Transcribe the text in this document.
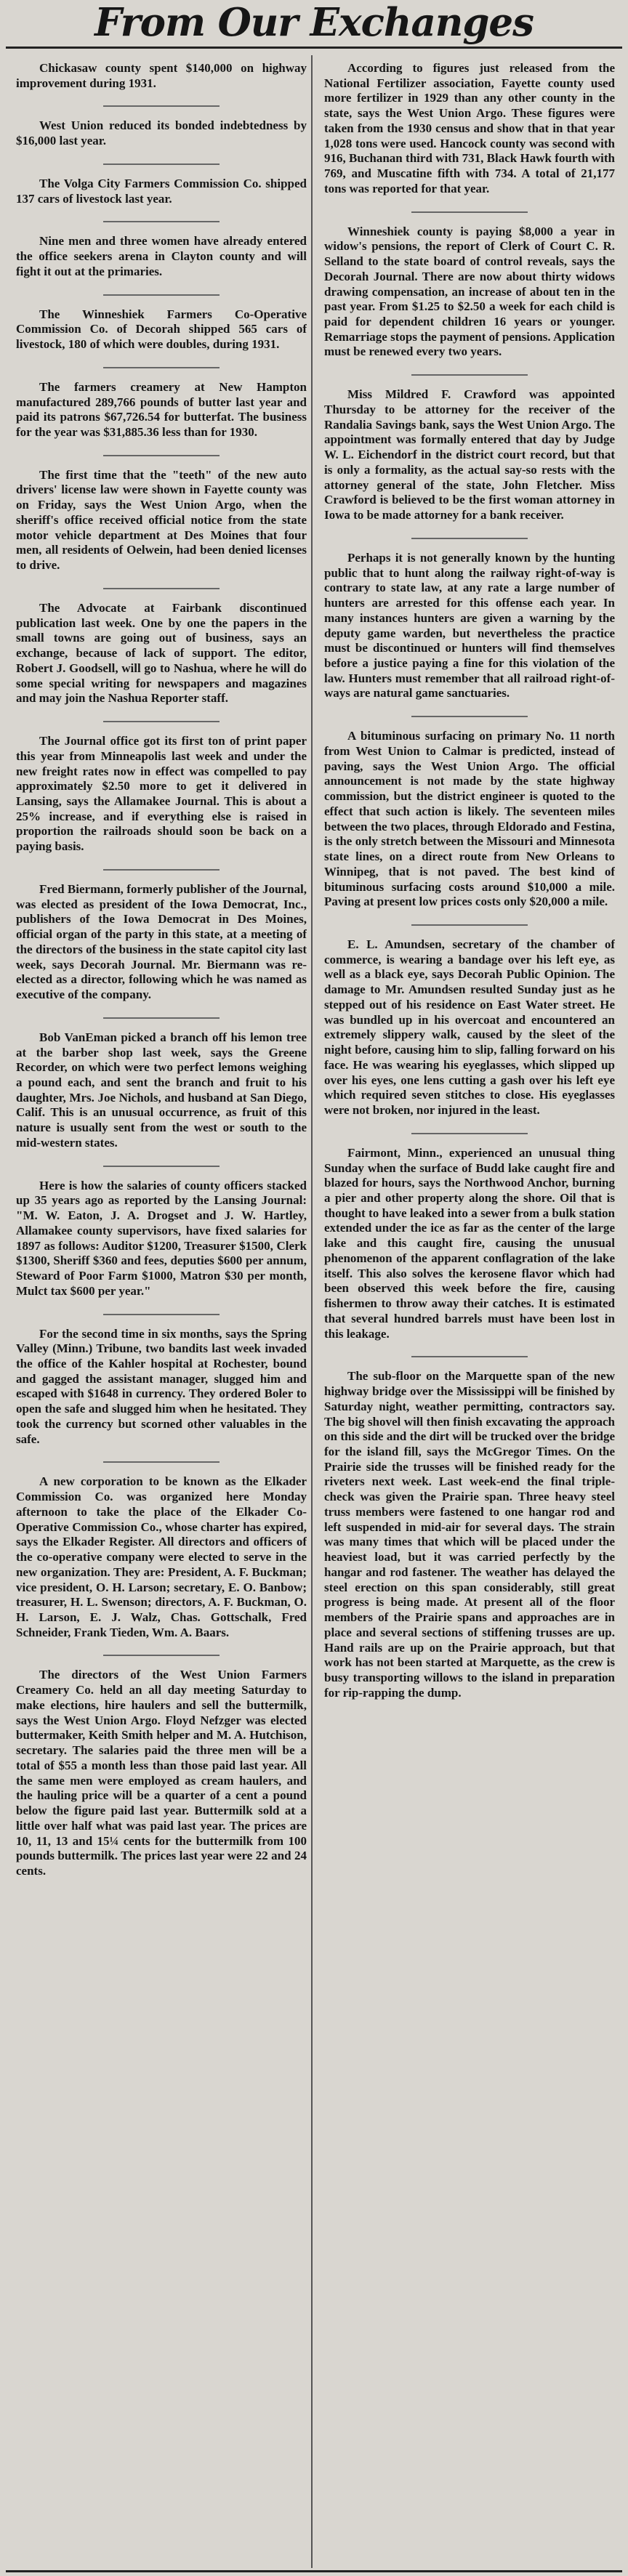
From Our Exchanges

Chickasaw county spent $140,000 on highway improvement during 1931.

West Union reduced its bonded indebtedness by $16,000 last year.

The Volga City Farmers Commission Co. shipped 137 cars of livestock last year.

Nine men and three women have already entered the office seekers arena in Clayton county and will fight it out at the primaries.

The Winneshiek Farmers Co-Operative Commission Co. of Decorah shipped 565 cars of livestock, 180 of which were doubles, during 1931.

The farmers creamery at New Hampton manufactured 289,766 pounds of butter last year and paid its patrons $67,726.54 for butterfat. The business for the year was $31,885.36 less than for 1930.

The first time that the "teeth" of the new auto drivers' license law were shown in Fayette county was on Friday, says the West Union Argo, when the sheriff's office received official notice from the state motor vehicle department at Des Moines that four men, all residents of Oelwein, had been denied licenses to drive.

The Advocate at Fairbank discontinued publication last week. One by one the papers in the small towns are going out of business, says an exchange, because of lack of support. The editor, Robert J. Goodsell, will go to Nashua, where he will do some special writing for newspapers and magazines and may join the Nashua Reporter staff.

The Journal office got its first ton of print paper this year from Minneapolis last week and under the new freight rates now in effect was compelled to pay approximately $2.50 more to get it delivered in Lansing, says the Allamakee Journal. This is about a 25% increase, and if everything else is raised in proportion the railroads should soon be back on a paying basis.

Fred Biermann, formerly publisher of the Journal, was elected as president of the Iowa Democrat, Inc., publishers of the Iowa Democrat in Des Moines, official organ of the party in this state, at a meeting of the directors of the business in the state capitol city last week, says Decorah Journal. Mr. Biermann was re-elected as a director, following which he was named as executive of the company.

Bob VanEman picked a branch off his lemon tree at the barber shop last week, says the Greene Recorder, on which were two perfect lemons weighing a pound each, and sent the branch and fruit to his daughter, Mrs. Joe Nichols, and husband at San Diego, Calif. This is an unusual occurrence, as fruit of this nature is usually sent from the west or south to the mid-western states.

Here is how the salaries of county officers stacked up 35 years ago as reported by the Lansing Journal: "M. W. Eaton, J. A. Drogset and J. W. Hartley, Allamakee county supervisors, have fixed salaries for 1897 as follows: Auditor $1200, Treasurer $1500, Clerk $1300, Sheriff $360 and fees, deputies $600 per annum, Steward of Poor Farm $1000, Matron $30 per month, Mulct tax $600 per year."

For the second time in six months, says the Spring Valley (Minn.) Tribune, two bandits last week invaded the office of the Kahler hospital at Rochester, bound and gagged the assistant manager, slugged him and escaped with $1648 in currency. They ordered Boler to open the safe and slugged him when he hesitated. They took the currency but scorned other valuables in the safe.

A new corporation to be known as the Elkader Commission Co. was organized here Monday afternoon to take the place of the Elkader Co-Operative Commission Co., whose charter has expired, says the Elkader Register. All directors and officers of the co-operative company were elected to serve in the new organization. They are: President, A. F. Buckman; vice president, O. H. Larson; secretary, E. O. Banbow; treasurer, H. L. Swenson; directors, A. F. Buckman, O. H. Larson, E. J. Walz, Chas. Gottschalk, Fred Schneider, Frank Tieden, Wm. A. Baars.

The directors of the West Union Farmers Creamery Co. held an all day meeting Saturday to make elections, hire haulers and sell the buttermilk, says the West Union Argo. Floyd Nefzger was elected buttermaker, Keith Smith helper and M. A. Hutchison, secretary. The salaries paid the three men will be a total of $55 a month less than those paid last year. All the same men were employed as cream haulers, and the hauling price will be a quarter of a cent a pound below the figure paid last year. Buttermilk sold at a little over half what was paid last year. The prices are 10, 11, 13 and 15¼ cents for the buttermilk from 100 pounds buttermilk. The prices last year were 22 and 24 cents.

According to figures just released from the National Fertilizer association, Fayette county used more fertilizer in 1929 than any other county in the state, says the West Union Argo. These figures were taken from the 1930 census and show that in that year 1,028 tons were used. Hancock county was second with 916, Buchanan third with 731, Black Hawk fourth with 769, and Muscatine fifth with 734. A total of 21,177 tons was reported for that year.

Winneshiek county is paying $8,000 a year in widow's pensions, the report of Clerk of Court C. R. Selland to the state board of control reveals, says the Decorah Journal. There are now about thirty widows drawing compensation, an increase of about ten in the past year. From $1.25 to $2.50 a week for each child is paid for dependent children 16 years or younger. Remarriage stops the payment of pensions. Application must be renewed every two years.

Miss Mildred F. Crawford was appointed Thursday to be attorney for the receiver of the Randalia Savings bank, says the West Union Argo. The appointment was formally entered that day by Judge W. L. Eichendorf in the district court record, but that is only a formality, as the actual say-so rests with the attorney general of the state, John Fletcher. Miss Crawford is believed to be the first woman attorney in Iowa to be made attorney for a bank receiver.

Perhaps it is not generally known by the hunting public that to hunt along the railway right-of-way is contrary to state law, at any rate a large number of hunters are arrested for this offense each year. In many instances hunters are given a warning by the deputy game warden, but nevertheless the practice must be discontinued or hunters will find themselves before a justice paying a fine for this violation of the law. Hunters must remember that all railroad right-of-ways are natural game sanctuaries.

A bituminous surfacing on primary No. 11 north from West Union to Calmar is predicted, instead of paving, says the West Union Argo. The official announcement is not made by the state highway commission, but the district engineer is quoted to the effect that such action is likely. The seventeen miles between the two places, through Eldorado and Festina, is the only stretch between the Missouri and Minnesota state lines, on a direct route from New Orleans to Winnipeg, that is not paved. The best kind of bituminous surfacing costs around $10,000 a mile. Paving at present low prices costs only $20,000 a mile.

E. L. Amundsen, secretary of the chamber of commerce, is wearing a bandage over his left eye, as well as a black eye, says Decorah Public Opinion. The damage to Mr. Amundsen resulted Sunday just as he stepped out of his residence on East Water street. He was bundled up in his overcoat and encountered an extremely slippery walk, caused by the sleet of the night before, causing him to slip, falling forward on his face. He was wearing his eyeglasses, which slipped up over his eyes, one lens cutting a gash over his left eye which required seven stitches to close. His eyeglasses were not broken, nor injured in the least.

Fairmont, Minn., experienced an unusual thing Sunday when the surface of Budd lake caught fire and blazed for hours, says the Northwood Anchor, burning a pier and other property along the shore. Oil that is thought to have leaked into a sewer from a bulk station extended under the ice as far as the center of the large lake and this caught fire, causing the unusual phenomenon of the apparent conflagration of the lake itself. This also solves the kerosene flavor which had been observed this week before the fire, causing fishermen to throw away their catches. It is estimated that several hundred barrels must have been lost in this leakage.

The sub-floor on the Marquette span of the new highway bridge over the Mississippi will be finished by Saturday night, weather permitting, contractors say. The big shovel will then finish excavating the approach on this side and the dirt will be trucked over the bridge for the island fill, says the McGregor Times. On the Prairie side the trusses will be finished ready for the riveters next week. Last week-end the final triple-check was given the Prairie span. Three heavy steel truss members were fastened to one hangar rod and left suspended in mid-air for several days. The strain was many times that which will be placed under the heaviest load, but it was carried perfectly by the hangar and rod fastener. The weather has delayed the steel erection on this span considerably, still great progress is being made. At present all of the floor members of the Prairie spans and approaches are in place and several sections of stiffening trusses are up. Hand rails are up on the Prairie approach, but that work has not been started at Marquette, as the crew is busy transporting willows to the island in preparation for rip-rapping the dump.
